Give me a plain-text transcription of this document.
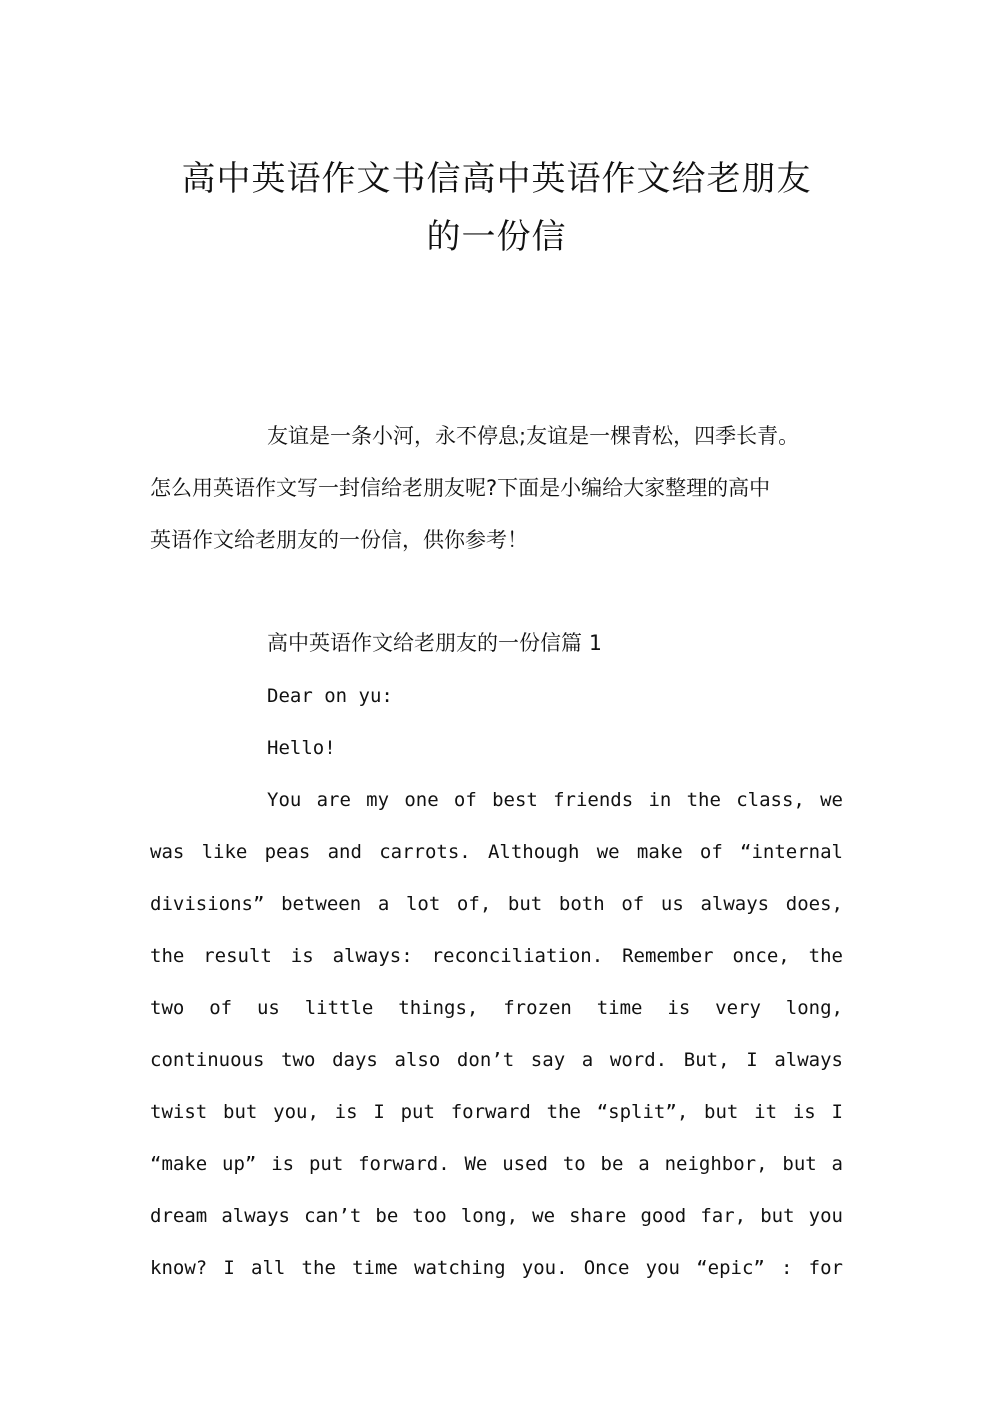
高中英语作文书信高中英语作文给老朋友
的一份信
友谊是一条小河，永不停息;友谊是一棵青松，四季长青。
怎么用英语作文写一封信给老朋友呢?下面是小编给大家整理的高中
英语作文给老朋友的一份信，供你参考！
高中英语作文给老朋友的一份信篇 1
Dear on yu:
Hello!
You are my one of best friends in the class, we
was like peas and carrots. Although we make of “internal
divisions” between a lot of, but both of us always does,
the result is always: reconciliation. Remember once, the
two of us little things, frozen time is very long,
continuous two days also don’t say a word. But, I always
twist but you, is I put forward the “split”, but it is I
“make up” is put forward. We used to be a neighbor, but a
dream always can’t be too long, we share good far, but you
know? I all the time watching you. Once you “epic” : for
